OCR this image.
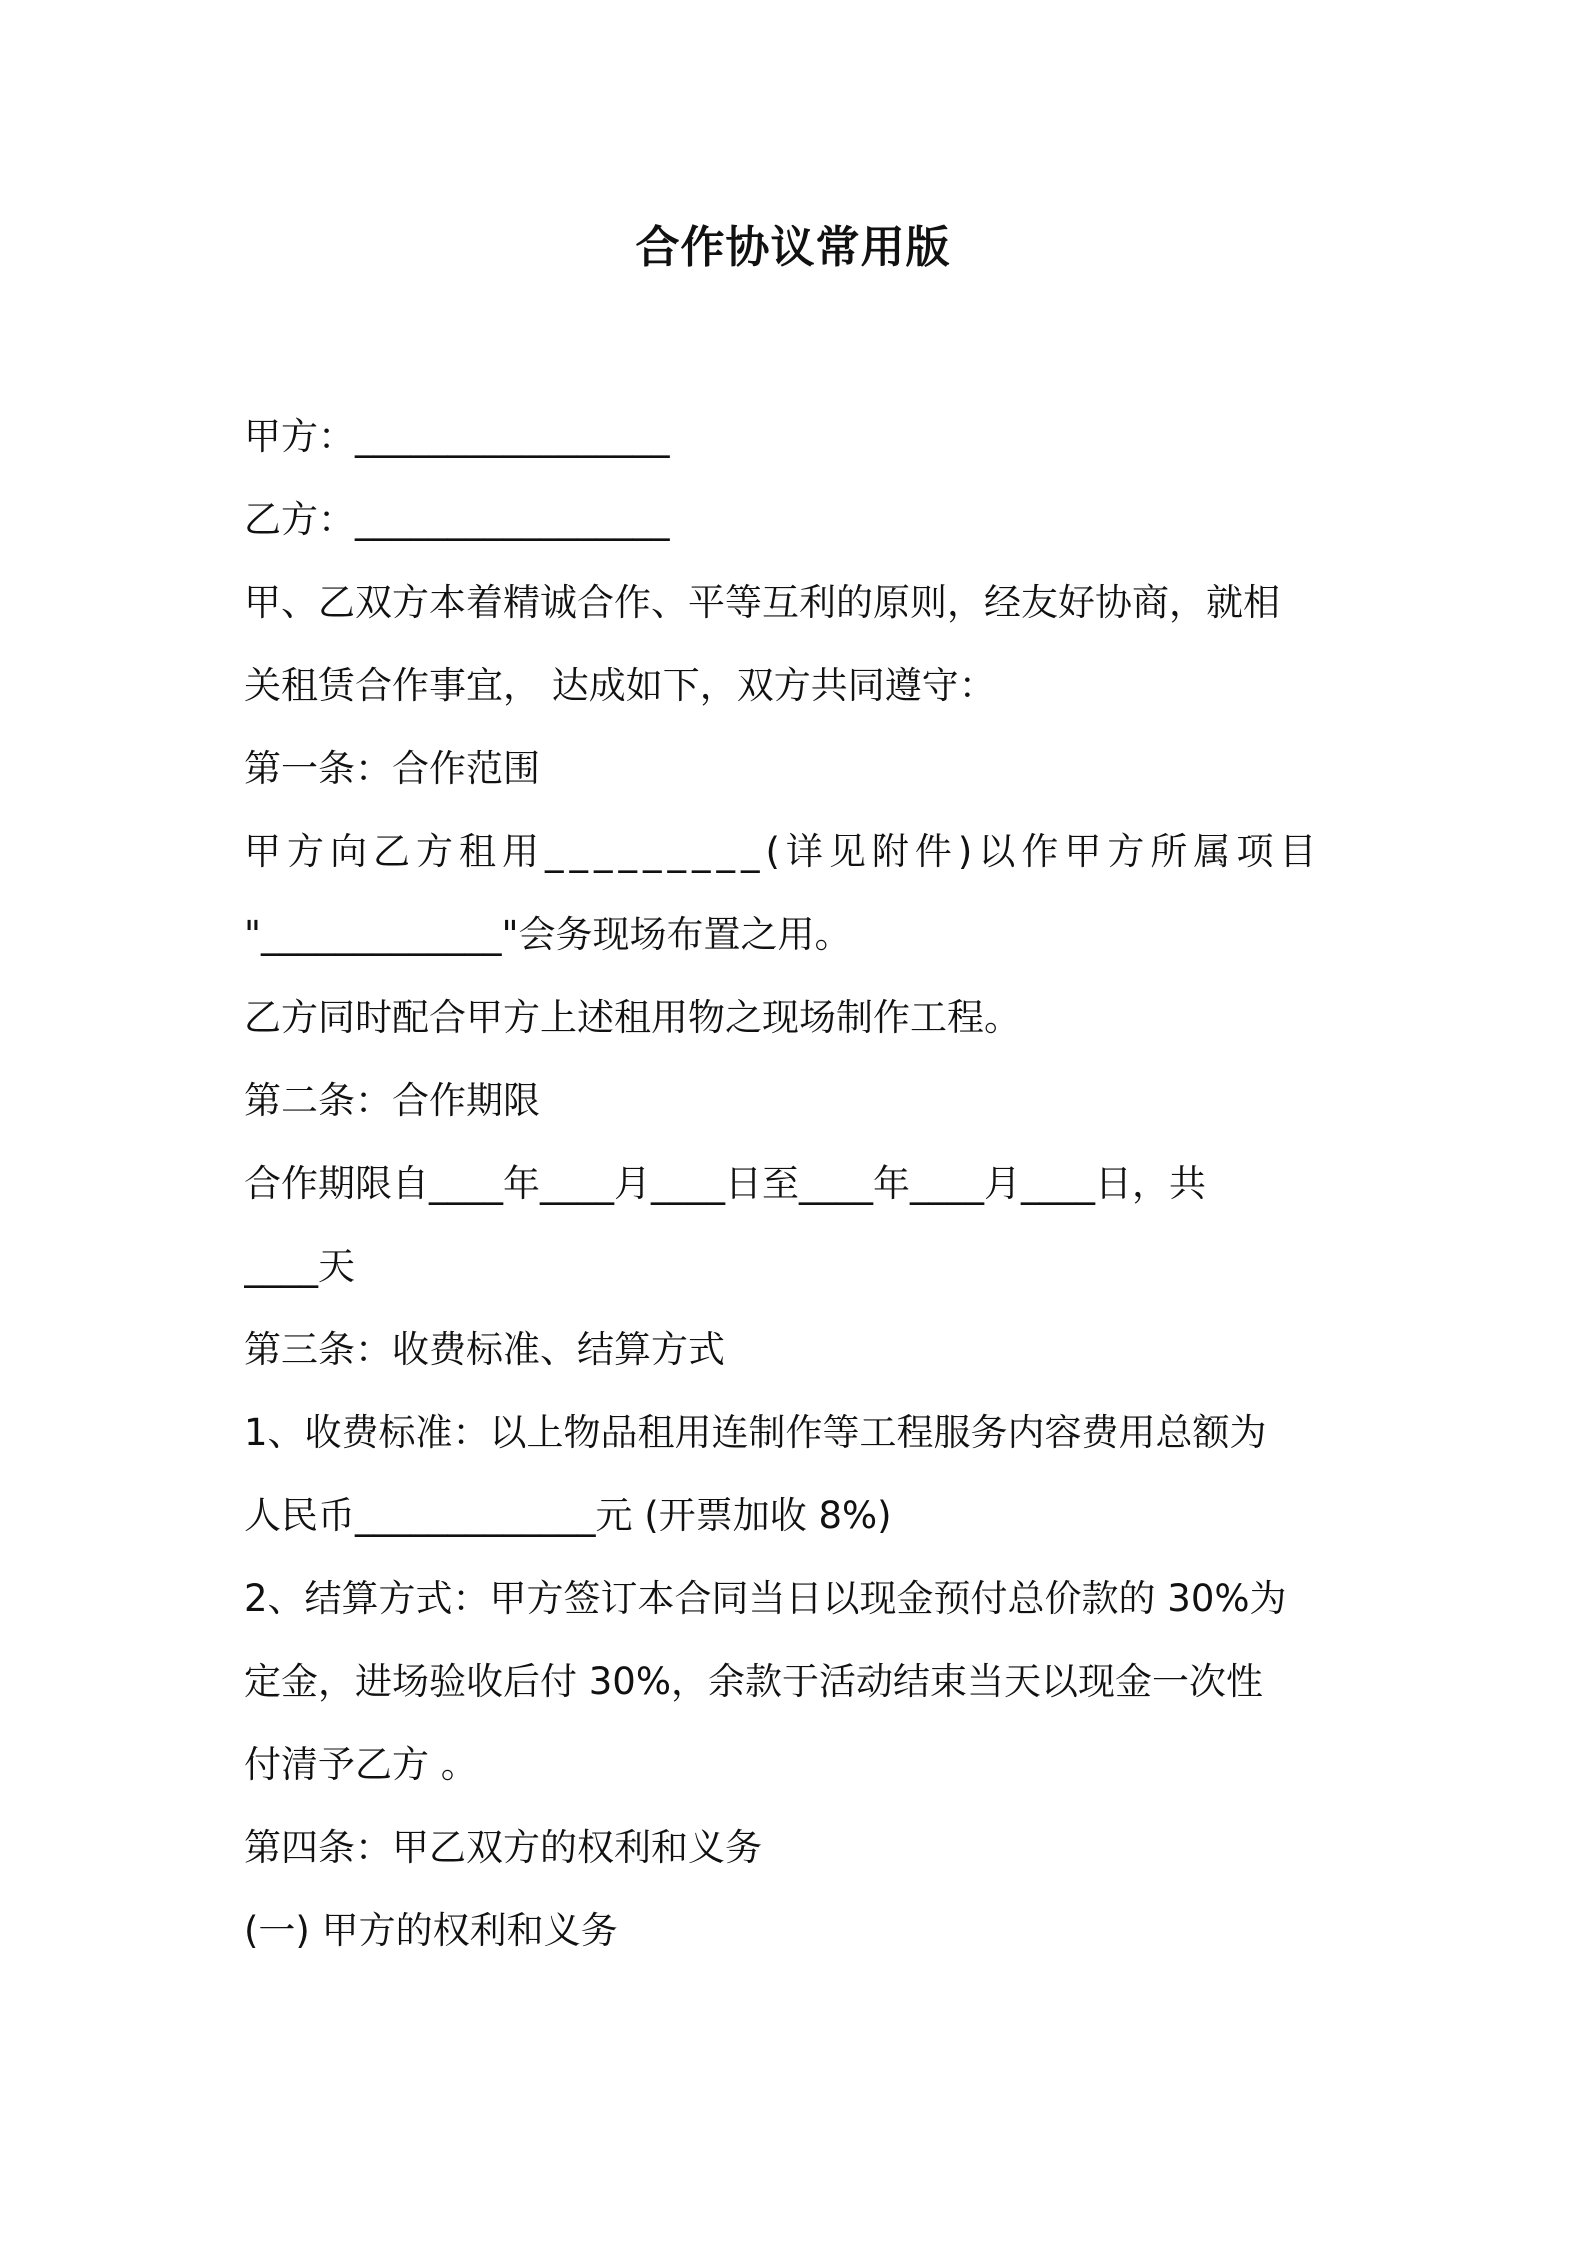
合作协议常用版
甲方：_________________
乙方：_________________
甲、乙双方本着精诚合作、平等互利的原则，经友好协商，就相
关租赁合作事宜， 达成如下，双方共同遵守：
第一条：合作范围
甲方向乙方租用_________(详见附件)以作甲方所属项目
"_____________"会务现场布置之用。
乙方同时配合甲方上述租用物之现场制作工程。
第二条：合作期限
合作期限自____年____月____日至____年____月____日，共
____天
第三条：收费标准、结算方式
1、收费标准：以上物品租用连制作等工程服务内容费用总额为
人民币_____________元 (开票加收 8%)
2、结算方式：甲方签订本合同当日以现金预付总价款的 30%为
定金，进场验收后付 30%，余款于活动结束当天以现金一次性
付清予乙方 。
第四条：甲乙双方的权利和义务
(一) 甲方的权利和义务
